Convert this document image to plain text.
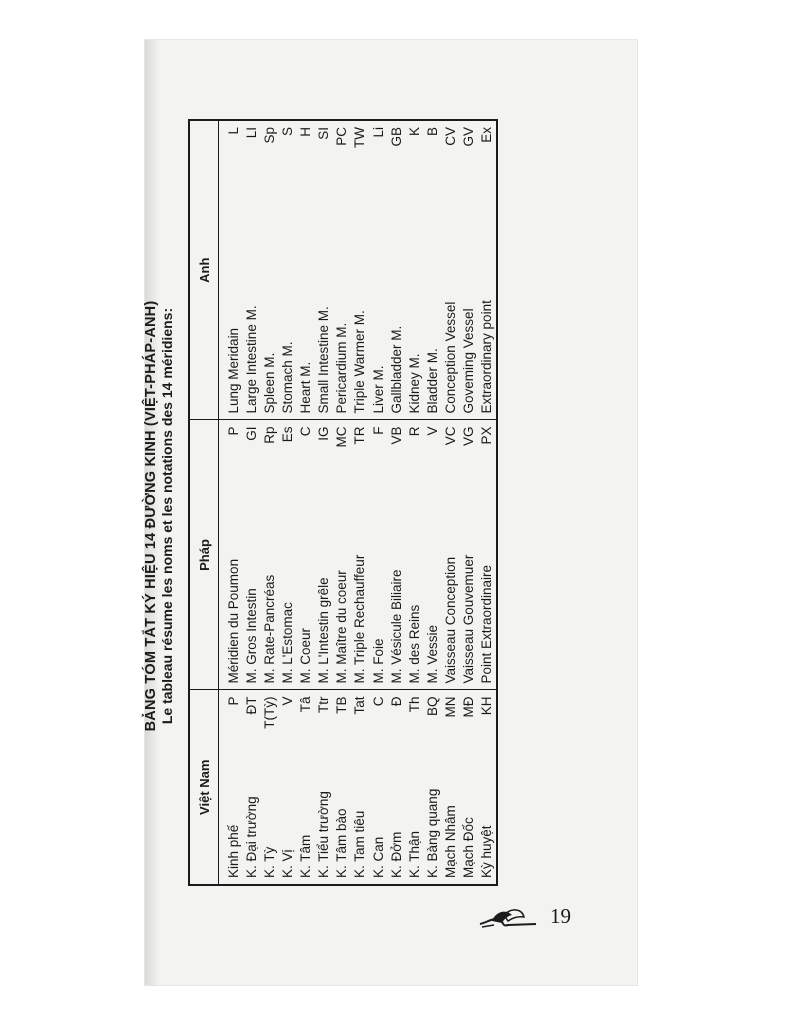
BẢNG TÓM TẮT KÝ HIỆU 14 ĐƯỜNG KINH (VIỆT-PHÁP-ANH) Le tableau résume les noms et les notations des 14 méridiens:
Việt Nam		Pháp		Anh	
Kinh phế	P	Méridien du Poumon	P	Lung Meridain	L
K. Đại trường	ĐT	M. Gros Intestin	GI	Large Intestine M.	LI
K. Tỳ	T(Tỳ)	M. Rate-Pancréas	Rp	Spleen M.	Sp
K. Vị	V	M. L'Estomac	Es	Stomach M.	S
K. Tâm	Tâ	M. Coeur	C	Heart M.	H
K. Tiểu trường	Ttr	M. L'Intestin grêle	IG	Small Intestine M.	SI
K. Tâm bào	TB	M. Maître du coeur	MC	Pericardium M.	PC
K. Tam tiêu	Tat	M. Triple Rechauffeur	TR	Triple Warmer M.	TW
K. Can	C	M. Foie	F	Liver M.	Li
K. Đởm	Đ	M. Vésicule Biliaire	VB	Gallbladder M.	GB
K. Thận	Th	M. des Reins	R	Kidney M.	K
K. Bàng quang	BQ	M. Vessie	V	Bladder M.	B
Mạch Nhâm	MN	Vaisseau Conception	VC	Conception Vessel	CV
Mạch Đốc	MĐ	Vaisseau Gouvemuer	VG	Goveming Vessel	GV
Kỳ huyệt	KH	Point Extraordinaire	PX	Extraordinary point	Ex
19
